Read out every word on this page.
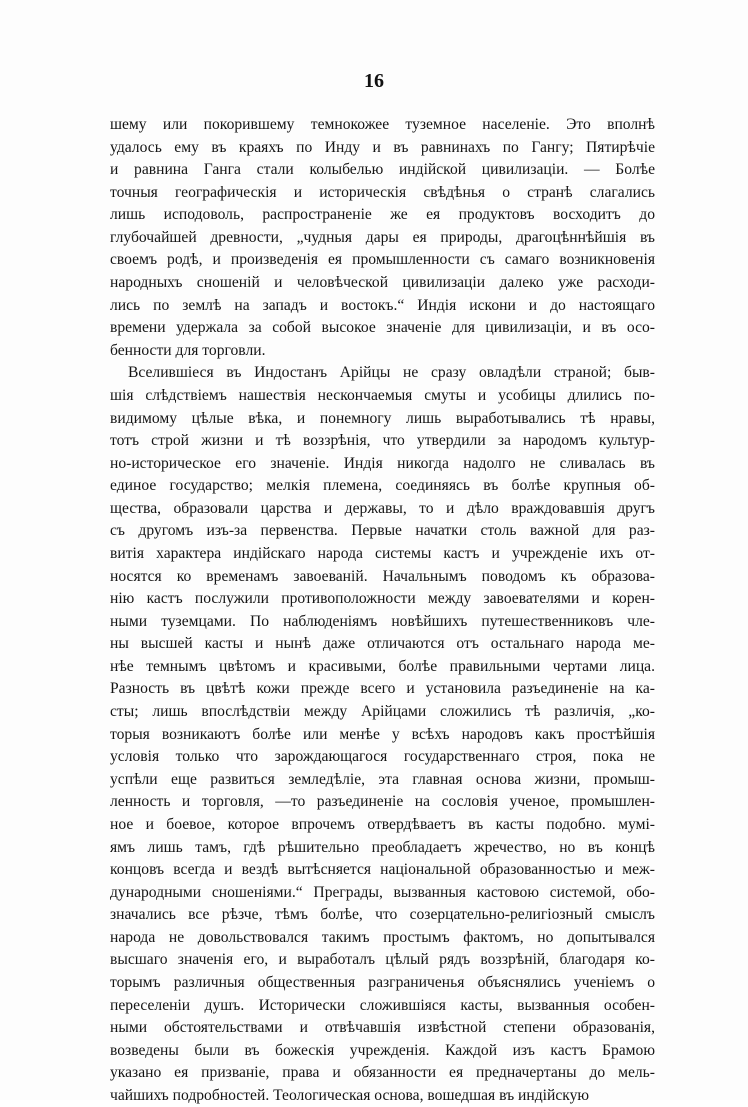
16
шему или покорившему темнокожее туземное населеніе. Это вполнѣ
удалось ему въ краяхъ по Инду и въ равнинахъ по Гангу; Пятирѣчіе
и равнина Ганга стали колыбелью индійской цивилизаціи. — Болѣе
точныя географическія и историческія свѣдѣнья о странѣ слагались
лишь исподоволь, распространеніе же ея продуктовъ восходитъ до
глубочайшей древности, „чудныя дары ея природы, драгоцѣннѣйшія въ
своемъ родѣ, и произведенія ея промышленности съ самаго возникновенія
народныхъ сношеній и человѣческой цивилизаціи далеко уже расходи-
лись по землѣ на западъ и востокъ.“ Индія искони и до настоящаго
времени удержала за собой высокое значеніе для цивилизаціи, и въ осо-
бенности для торговли.
Вселившіеся въ Индостанъ Арійцы не сразу овладѣли страной; быв-
шія слѣдствіемъ нашествія нескончаемыя смуты и усобицы длились по-
видимому цѣлые вѣка, и понемногу лишь выработывались тѣ нравы,
тотъ строй жизни и тѣ воззрѣнія, что утвердили за народомъ культур-
но-историческое его значеніе. Индія никогда надолго не сливалась въ
единое государство; мелкія племена, соединяясь въ болѣе крупныя об-
щества, образовали царства и державы, то и дѣло враждовавшія другъ
съ другомъ изъ-за первенства. Первые начатки столь важной для раз-
витія характера индійскаго народа системы кастъ и учрежденіе ихъ от-
носятся ко временамъ завоеваній. Начальнымъ поводомъ къ образова-
нію кастъ послужили противоположности между завоевателями и корен-
ными туземцами. По наблюденіямъ новѣйшихъ путешественниковъ чле-
ны высшей касты и нынѣ даже отличаются отъ остальнаго народа ме-
нѣе темнымъ цвѣтомъ и красивыми, болѣе правильными чертами лица.
Разность въ цвѣтѣ кожи прежде всего и установила разъединеніе на ка-
сты; лишь впослѣдствіи между Арійцами сложились тѣ различія, „ко-
торыя возникаютъ болѣе или менѣе у всѣхъ народовъ какъ простѣйшія
условія только что зарождающагося государственнаго строя, пока не
успѣли еще развиться земледѣліе, эта главная основа жизни, промыш-
ленность и торговля, —то разъединеніе на сословія ученое, промышлен-
ное и боевое, которое впрочемъ отвердѣваетъ въ касты подобно. мумі-
ямъ лишь тамъ, гдѣ рѣшительно преобладаетъ жречество, но въ концѣ
концовъ всегда и вездѣ вытѣсняется національной образованностью и меж-
дународными сношеніями.“ Преграды, вызванныя кастовою системой, обо-
значались все рѣзче, тѣмъ болѣе, что созерцательно-религіозный смыслъ
народа не довольствовался такимъ простымъ фактомъ, но допытывался
высшаго значенія его, и выработалъ цѣлый рядъ воззрѣній, благодаря ко-
торымъ различныя общественныя разграниченья объяснялись ученіемъ о
переселеніи душъ. Исторически сложившіяся касты, вызванныя особен-
ными обстоятельствами и отвѣчавшія извѣстной степени образованія,
возведены были въ божескія учрежденія. Каждой изъ кастъ Брамою
указано ея призваніе, права и обязанности ея предначертаны до мель-
чайшихъ подробностей. Теологическая основа, вошедшая въ индійскую
